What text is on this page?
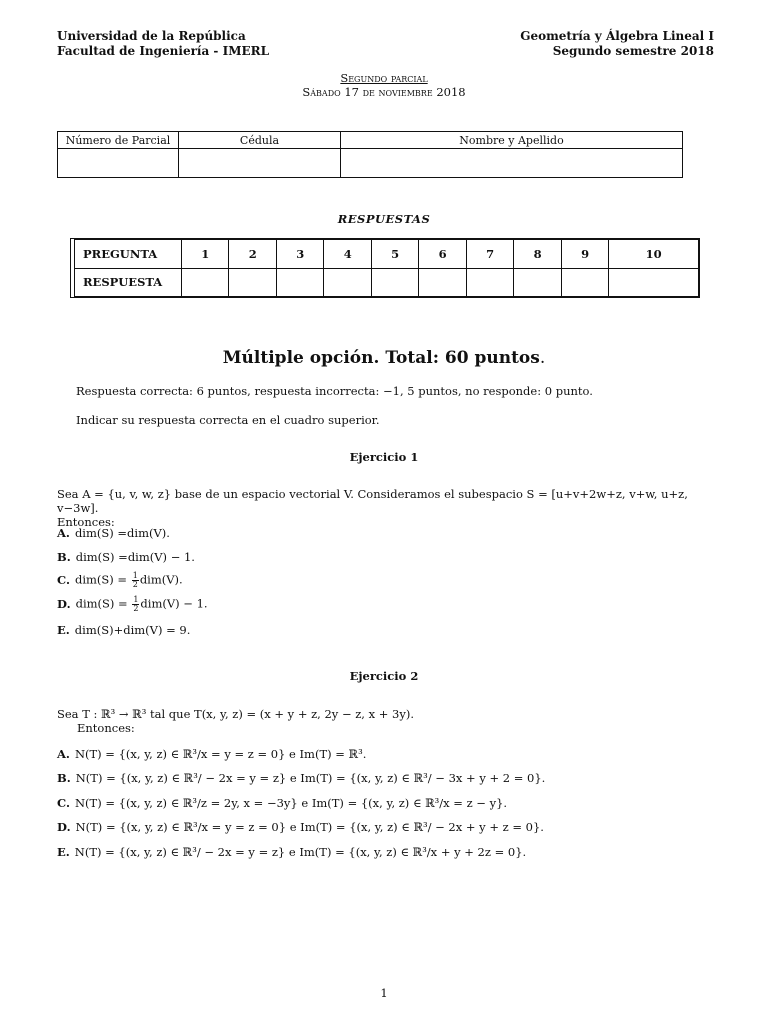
Universidad de la República
Facultad de Ingeniería - IMERL
Geometría y Álgebra Lineal I
Segundo semestre 2018
Segundo parcial
Sábado 17 de noviembre 2018
Número de Parcial	Cédula	Nombre y Apellido

RESPUESTAS
PREGUNTA	1	2	3	4	5	6	7	8	9	10
RESPUESTA										
Múltiple opción. Total: 60 puntos.
Respuesta correcta: 6 puntos, respuesta incorrecta: −1, 5 puntos, no responde: 0 punto.
Indicar su respuesta correcta en el cuadro superior.
Ejercicio 1
Sea A = {u, v, w, z} base de un espacio vectorial V. Consideramos el subespacio S = [u+v+2w+z, v+w, u+z, v−3w].
Entonces:
A. dim(S) =dim(V).
B. dim(S) =dim(V) − 1.
C. $dim(S) = \frac{1}{2} dim(V)$.
D. $dim(S) = \frac{1}{2} dim(V) - 1$.
E. dim(S)+dim(V) = 9.
Ejercicio 2
Sea T : ℝ³ → ℝ³ tal que T(x, y, z) = (x + y + z, 2y − z, x + 3y).
Entonces:
A. N(T) = {(x, y, z) ∈ ℝ³/x = y = z = 0} e Im(T) = ℝ³.
B. N(T) = {(x, y, z) ∈ ℝ³/ − 2x = y = z} e Im(T) = {(x, y, z) ∈ ℝ³/ − 3x + y + 2 = 0}.
C. N(T) = {(x, y, z) ∈ ℝ³/z = 2y, x = −3y} e Im(T) = {(x, y, z) ∈ ℝ³/x = z − y}.
D. N(T) = {(x, y, z) ∈ ℝ³/x = y = z = 0} e Im(T) = {(x, y, z) ∈ ℝ³/ − 2x + y + z = 0}.
E. N(T) = {(x, y, z) ∈ ℝ³/ − 2x = y = z} e Im(T) = {(x, y, z) ∈ ℝ³/x + y + 2z = 0}.
1
